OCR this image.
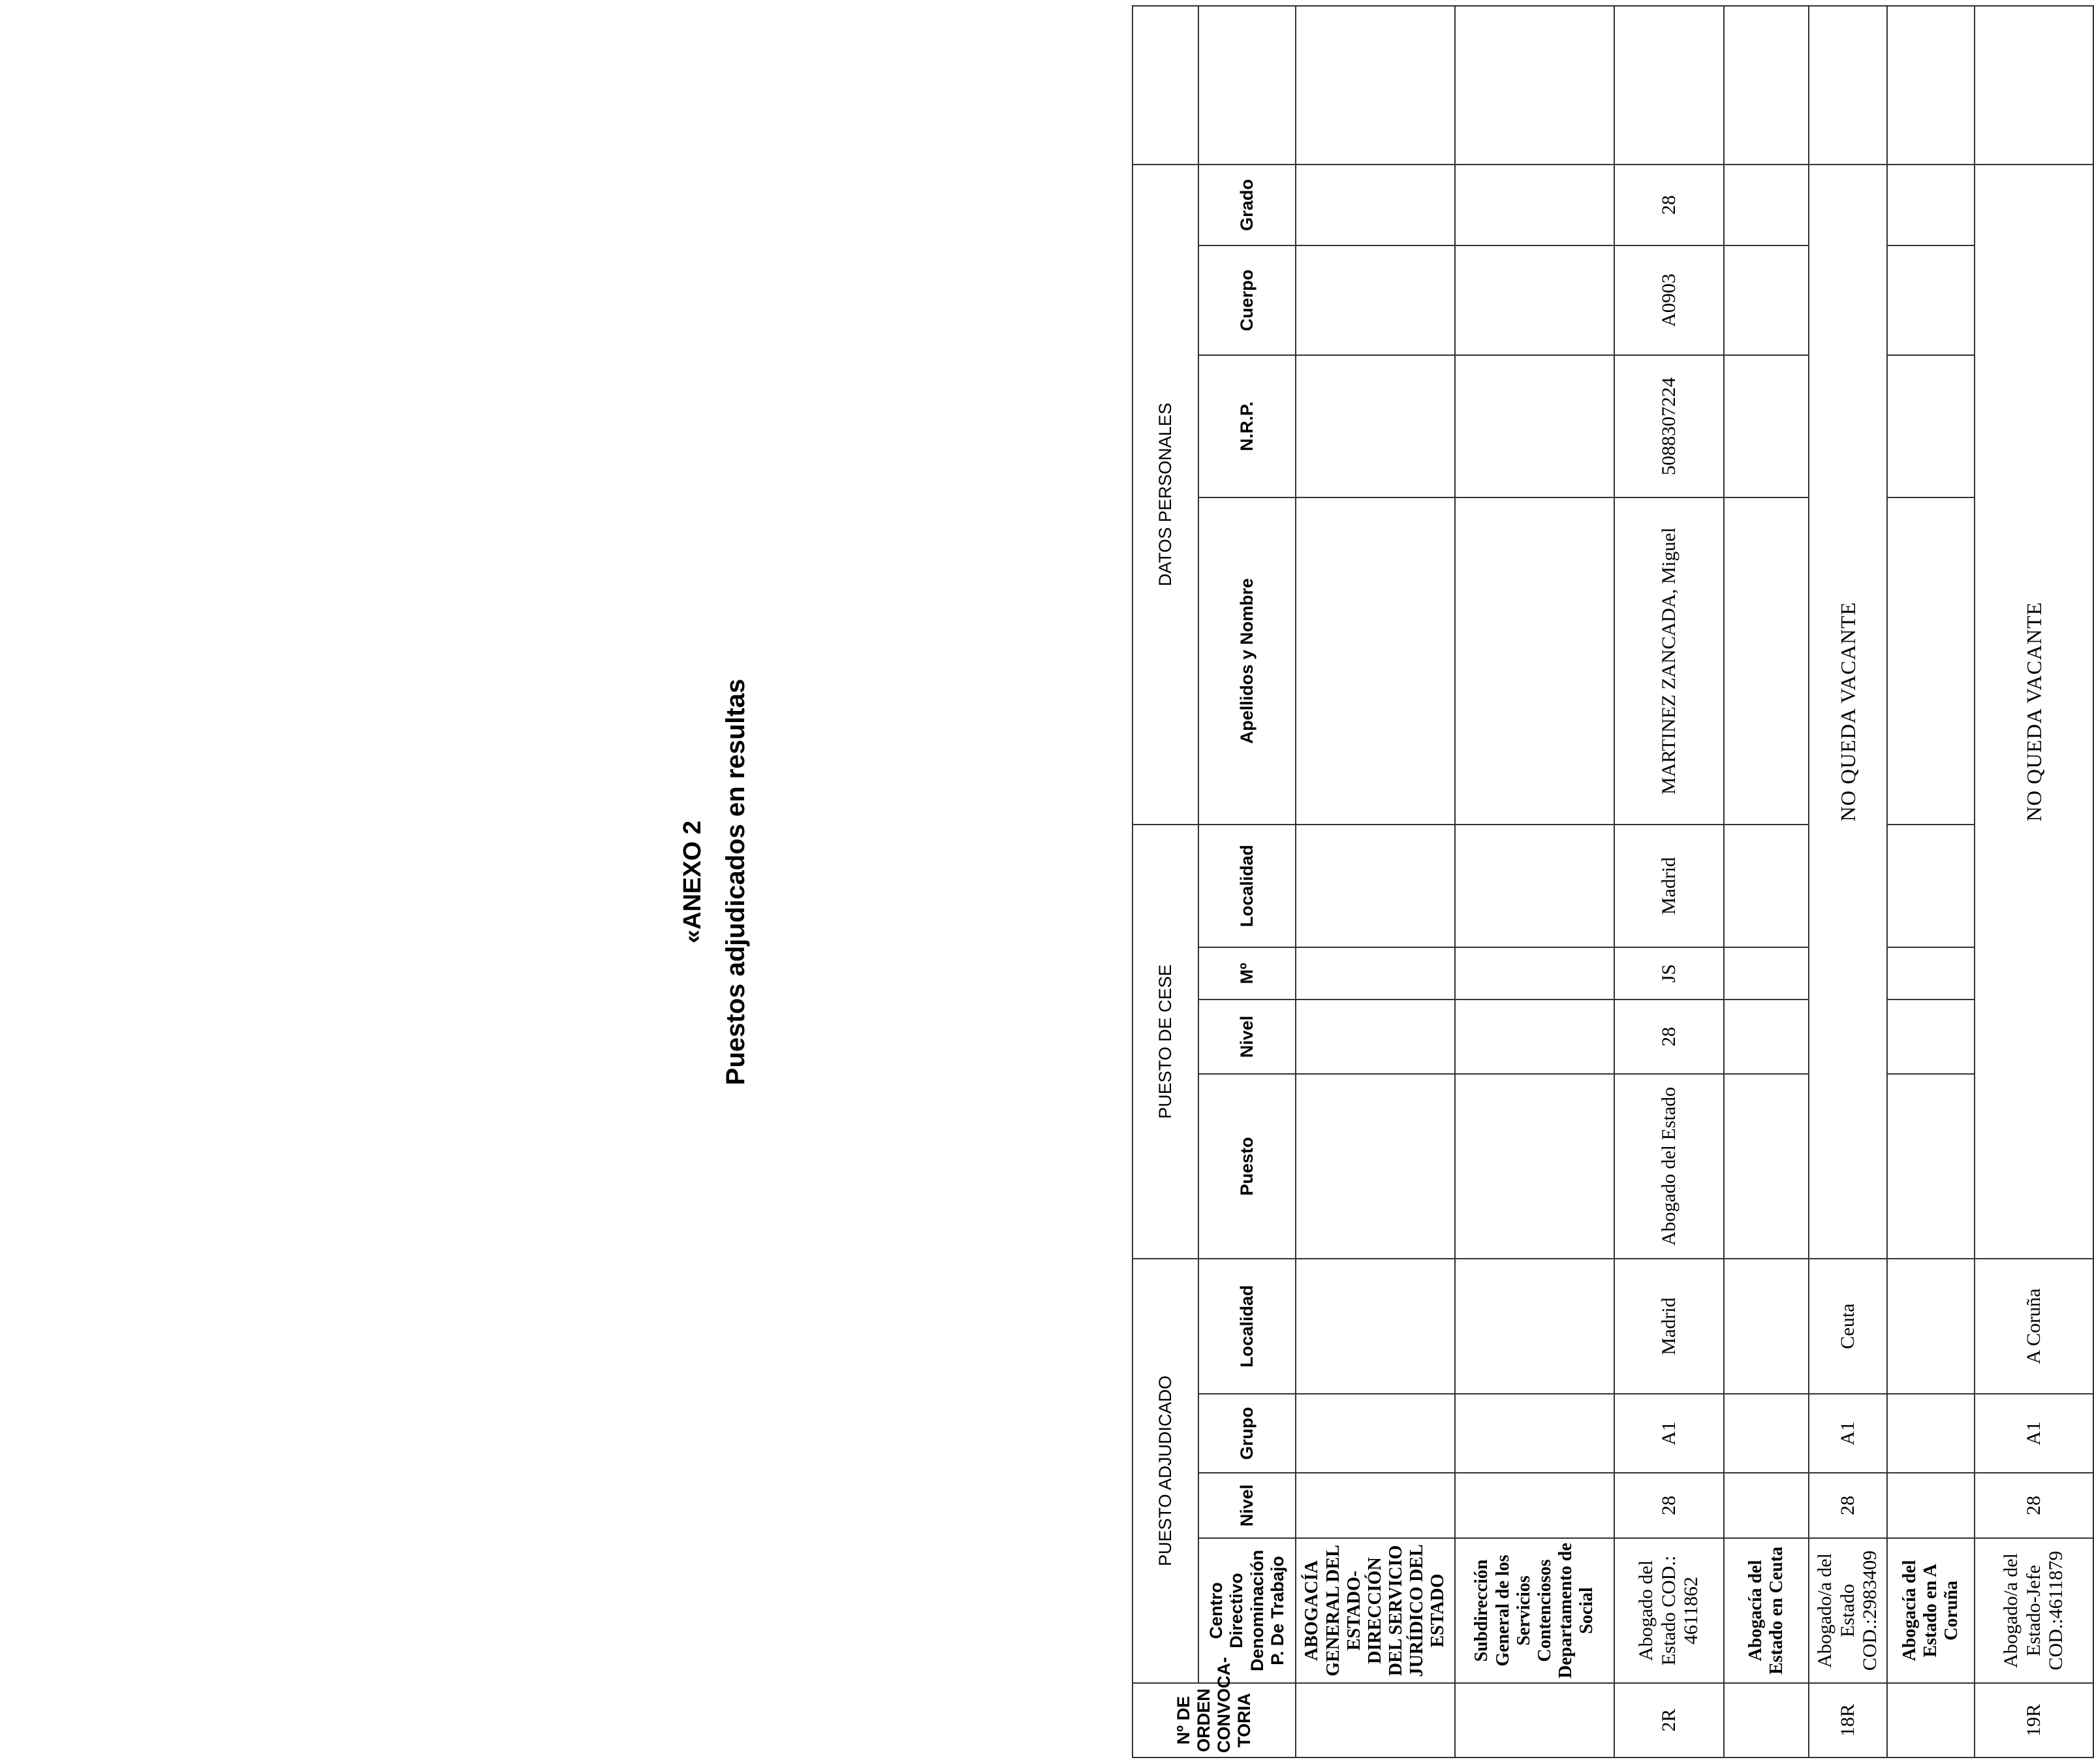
«ANEXO 2 Puestos adjudicados en resultas
Nº DE ORDEN CONVOCA-TORIA	PUESTO ADJUDICADO				PUESTO DE CESE				DATOS PERSONALES				
	Centro Directivo Denominación P. De Trabajo	Nivel	Grupo	Localidad	Puesto	Nivel	Mº	Localidad	Apellidos y Nombre	N.R.P.	Cuerpo	Grado	
	ABOGACÍA GENERAL DEL ESTADO-DIRECCIÓN DEL SERVICIO JURÍDICO DEL ESTADO												
	Subdirección General de los Servicios Contenciosos Departamento de Social												
2R	Abogado del Estado COD.: 4611862	28	A1	Madrid	Abogado del Estado	28	JS	Madrid	MARTINEZ ZANCADA, Miguel	5088307224	A0903	28	
	Abogacía del Estado en Ceuta												
18R	Abogado/a del Estado COD.:2983409	28	A1	Ceuta	NO QUEDA VACANTE								
	Abogacía del Estado en A Coruña												
19R	Abogado/a del Estado-Jefe COD.:4611879	28	A1	A Coruña	NO QUEDA VACANTE								
